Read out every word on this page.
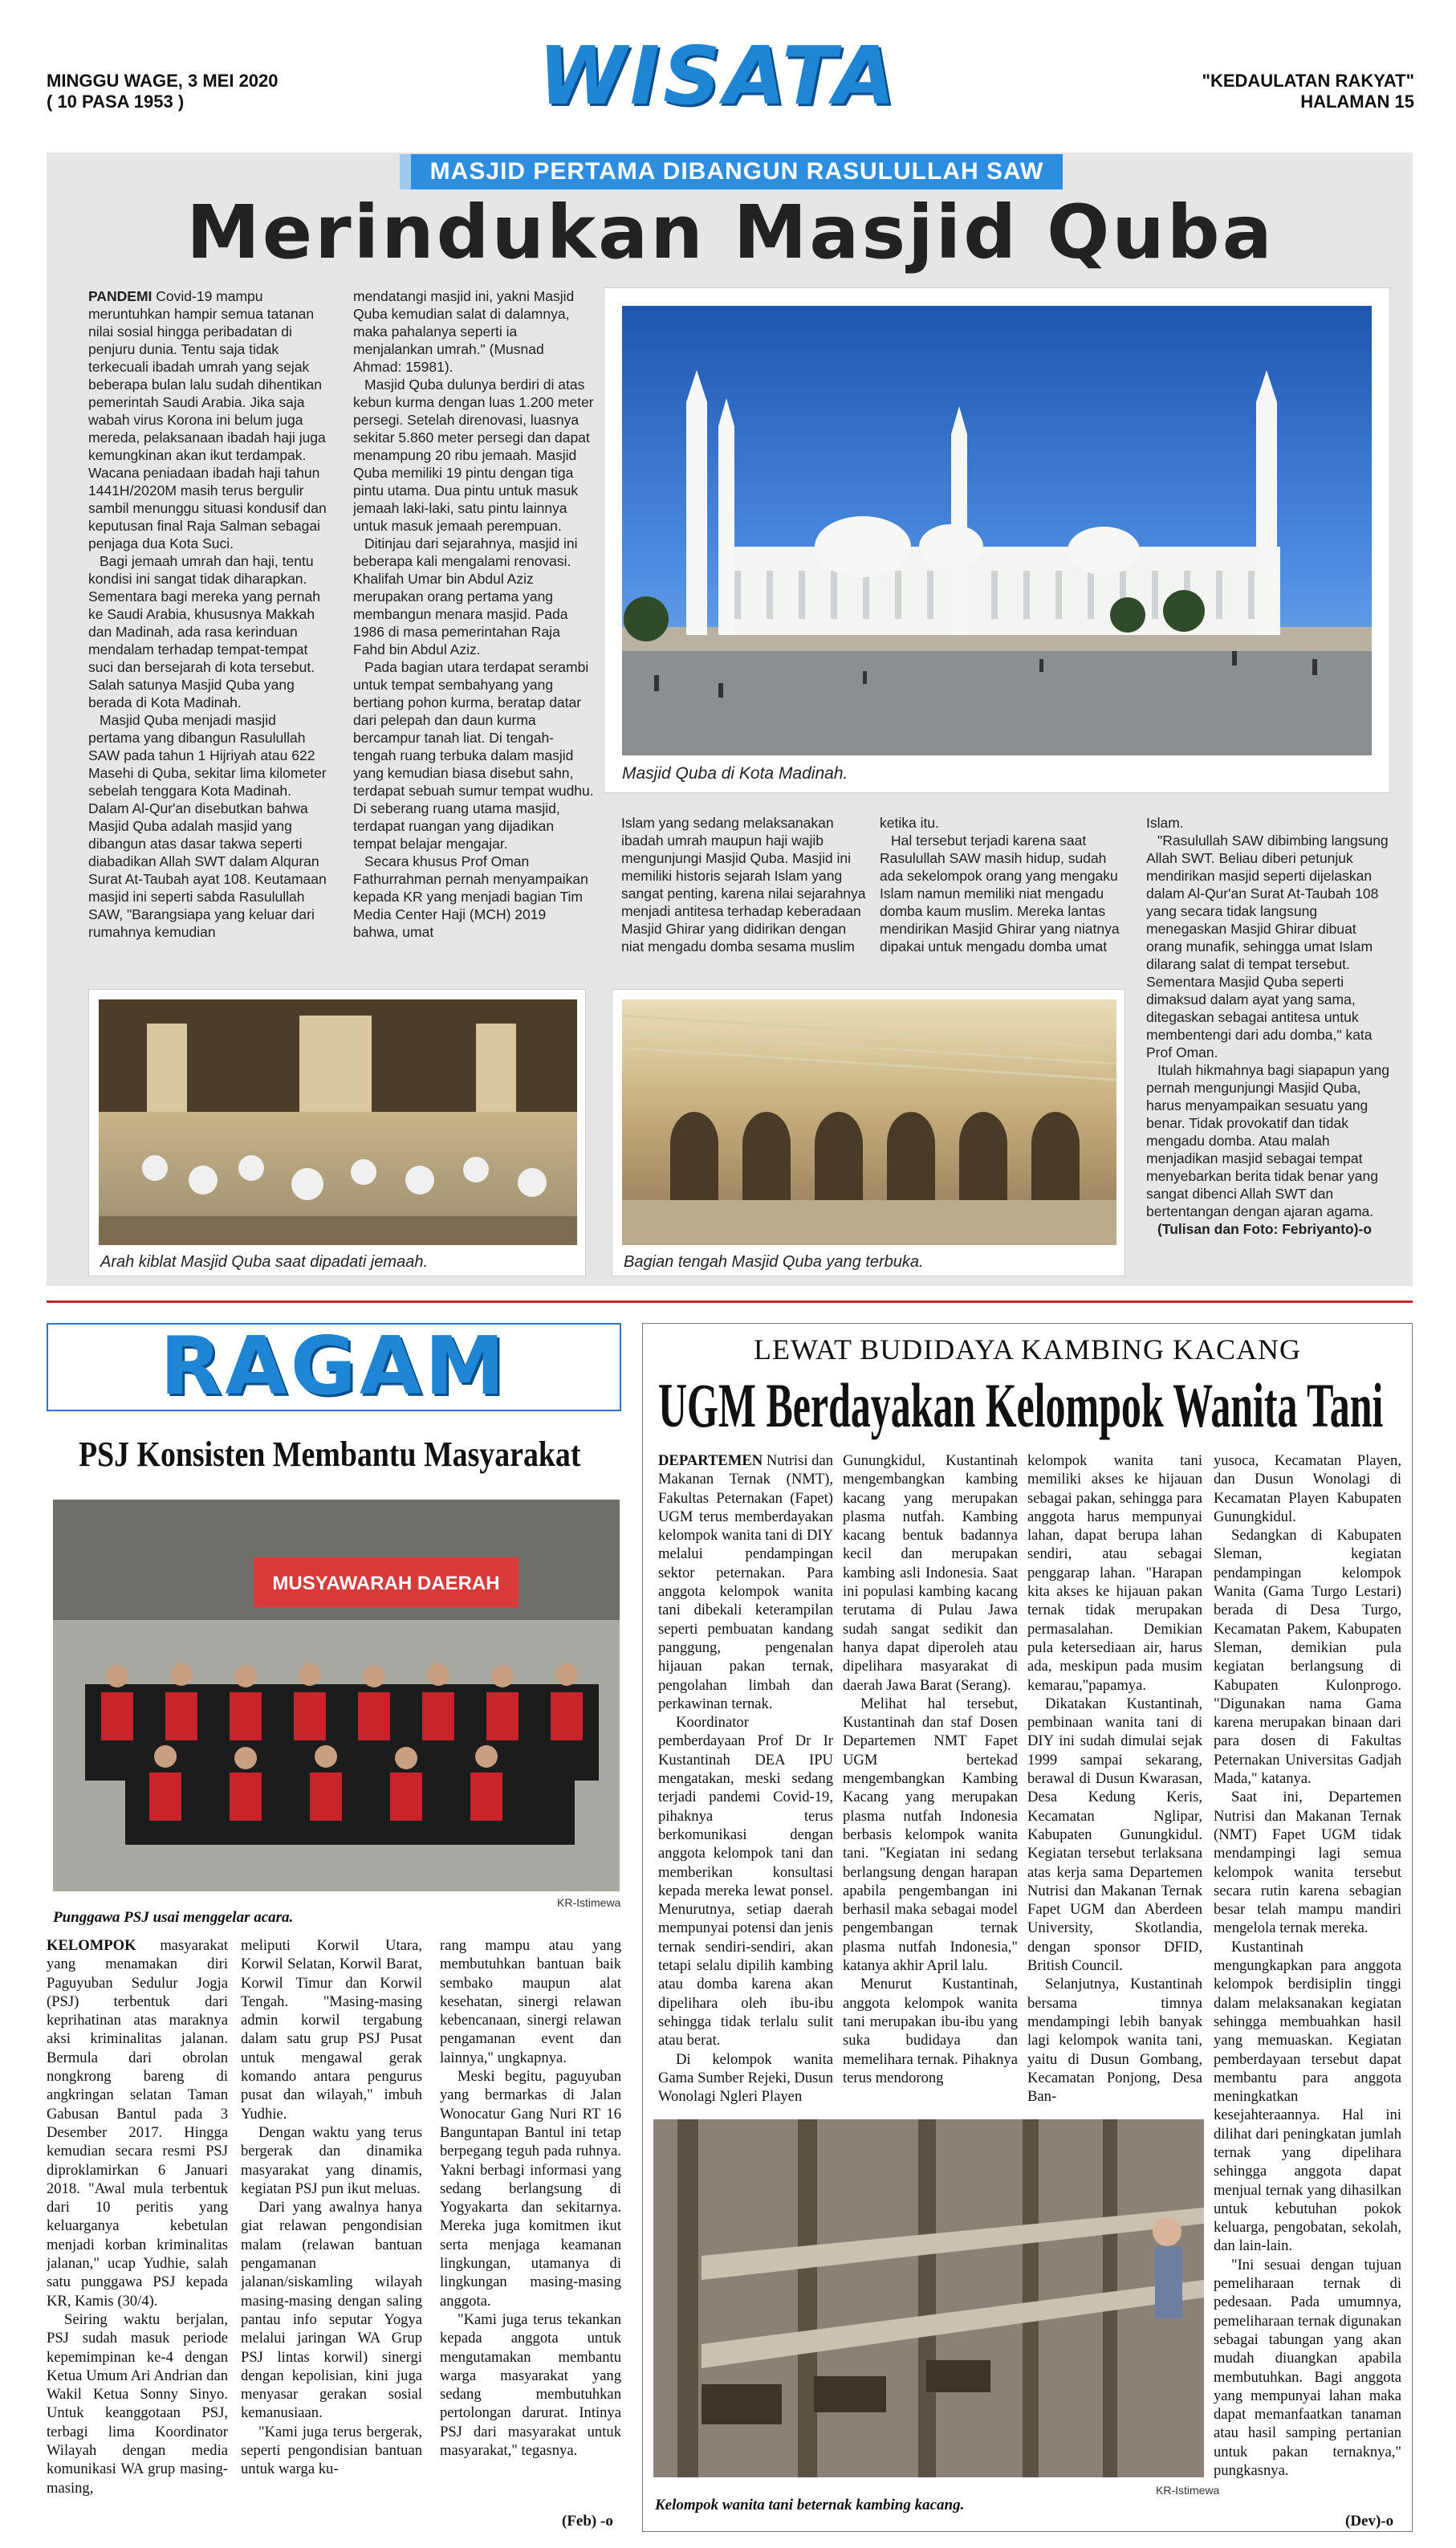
MINGGU WAGE, 3 MEI 2020
( 10 PASA 1953 )	WISATA	"KEDAULATAN RAKYAT"
HALAMAN 15
MASJID PERTAMA DIBANGUN RASULULLAH SAW
Merindukan Masjid Quba

PANDEMI Covid-19 mampu meruntuhkan hampir semua tatanan nilai sosial hingga peribadatan di penjuru dunia. Tentu saja tidak terkecuali ibadah umrah yang sejak beberapa bulan lalu sudah dihentikan pemerintah Saudi Arabia. Jika saja wabah virus Korona ini belum juga mereda, pelaksanaan ibadah haji juga kemungkinan akan ikut terdampak. Wacana peniadaan ibadah haji tahun 1441H/2020M masih terus bergulir sambil menunggu situasi kondusif dan keputusan final Raja Salman sebagai penjaga dua Kota Suci.

Bagi jemaah umrah dan haji, tentu kondisi ini sangat tidak diharapkan. Sementara bagi mereka yang pernah ke Saudi Arabia, khususnya Makkah dan Madinah, ada rasa kerinduan mendalam terhadap tempat-tempat suci dan bersejarah di kota tersebut. Salah satunya Masjid Quba yang berada di Kota Madinah.

Masjid Quba menjadi masjid pertama yang dibangun Rasulullah SAW pada tahun 1 Hijriyah atau 622 Masehi di Quba, sekitar lima kilometer sebelah tenggara Kota Madinah. Dalam Al-Qur'an disebutkan bahwa Masjid Quba adalah masjid yang dibangun atas dasar takwa seperti diabadikan Allah SWT dalam Alquran Surat At-Taubah ayat 108. Keutamaan masjid ini seperti sabda Rasulullah SAW, "Barangsiapa yang keluar dari rumahnya kemudian

mendatangi masjid ini, yakni Masjid Quba kemudian salat di dalamnya, maka pahalanya seperti ia menjalankan umrah." (Musnad Ahmad: 15981).

Masjid Quba dulunya berdiri di atas kebun kurma dengan luas 1.200 meter persegi. Setelah direnovasi, luasnya sekitar 5.860 meter persegi dan dapat menampung 20 ribu jemaah. Masjid Quba memiliki 19 pintu dengan tiga pintu utama. Dua pintu untuk masuk jemaah laki-laki, satu pintu lainnya untuk masuk jemaah perempuan.

Ditinjau dari sejarahnya, masjid ini beberapa kali mengalami renovasi. Khalifah Umar bin Abdul Aziz merupakan orang pertama yang membangun menara masjid. Pada 1986 di masa pemerintahan Raja Fahd bin Abdul Aziz.

Pada bagian utara terdapat serambi untuk tempat sembahyang yang bertiang pohon kurma, beratap datar dari pelepah dan daun kurma bercampur tanah liat. Di tengah-tengah ruang terbuka dalam masjid yang kemudian biasa disebut sahn, terdapat sebuah sumur tempat wudhu. Di seberang ruang utama masjid, terdapat ruangan yang dijadikan tempat belajar mengajar.

Secara khusus Prof Oman Fathurrahman pernah menyampaikan kepada KR yang menjadi bagian Tim Media Center Haji (MCH) 2019 bahwa, umat

Masjid Quba di Kota Madinah.

Islam yang sedang melaksanakan ibadah umrah maupun haji wajib mengunjungi Masjid Quba. Masjid ini memiliki historis sejarah Islam yang sangat penting, karena nilai sejarahnya menjadi antitesa terhadap keberadaan Masjid Ghirar yang didirikan dengan niat mengadu domba sesama muslim

ketika itu.

Hal tersebut terjadi karena saat Rasulullah SAW masih hidup, sudah ada sekelompok orang yang mengaku Islam namun memiliki niat mengadu domba kaum muslim. Mereka lantas mendirikan Masjid Ghirar yang niatnya dipakai untuk mengadu domba umat

Islam.

"Rasulullah SAW dibimbing langsung Allah SWT. Beliau diberi petunjuk mendirikan masjid seperti dijelaskan dalam Al-Qur'an Surat At-Taubah 108 yang secara tidak langsung menegaskan Masjid Ghirar dibuat orang munafik, sehingga umat Islam dilarang salat di tempat tersebut. Sementara Masjid Quba seperti dimaksud dalam ayat yang sama, ditegaskan sebagai antitesa untuk membentengi dari adu domba," kata Prof Oman.

Itulah hikmahnya bagi siapapun yang pernah mengunjungi Masjid Quba, harus menyampaikan sesuatu yang benar. Tidak provokatif dan tidak mengadu domba. Atau malah menjadikan masjid sebagai tempat menyebarkan berita tidak benar yang sangat dibenci Allah SWT dan bertentangan dengan ajaran agama.

(Tulisan dan Foto: Febriyanto)-o

Arah kiblat Masjid Quba saat dipadati jemaah.	Bagian tengah Masjid Quba yang terbuka.
RAGAM
PSJ Konsisten Membantu Masyarakat
MUSYAWARAH DAERAH
KR-Istimewa
Punggawa PSJ usai menggelar acara.

KELOMPOK masyarakat yang menamakan diri Paguyuban Sedulur Jogja (PSJ) terbentuk dari keprihatinan atas maraknya aksi kriminalitas jalanan. Bermula dari obrolan nongkrong bareng di angkringan selatan Taman Gabusan Bantul pada 3 Desember 2017. Hingga kemudian secara resmi PSJ diproklamirkan 6 Januari 2018. "Awal mula terbentuk dari 10 peritis yang keluarganya kebetulan menjadi korban kriminalitas jalanan," ucap Yudhie, salah satu punggawa PSJ kepada KR, Kamis (30/4).

Seiring waktu berjalan, PSJ sudah masuk periode kepemimpinan ke-4 dengan Ketua Umum Ari Andrian dan Wakil Ketua Sonny Sinyo. Untuk keanggotaan PSJ, terbagi lima Koordinator Wilayah dengan media komunikasi WA grup masing-masing,

meliputi Korwil Utara, Korwil Selatan, Korwil Barat, Korwil Timur dan Korwil Tengah. "Masing-masing admin korwil tergabung dalam satu grup PSJ Pusat untuk mengawal gerak komando antara pengurus pusat dan wilayah," imbuh Yudhie.

Dengan waktu yang terus bergerak dan dinamika masyarakat yang dinamis, kegiatan PSJ pun ikut meluas.

Dari yang awalnya hanya giat relawan pengondisian malam (relawan bantuan pengamanan jalanan/siskamling wilayah masing-masing dengan saling pantau info seputar Yogya melalui jaringan WA Grup PSJ lintas korwil) sinergi dengan kepolisian, kini juga menyasar gerakan sosial kemanusiaan.

"Kami juga terus bergerak, seperti pengondisian bantuan untuk warga ku-

rang mampu atau yang membutuhkan bantuan baik sembako maupun alat kesehatan, sinergi relawan kebencanaan, sinergi relawan pengamanan event dan lainnya," ungkapnya.

Meski begitu, paguyuban yang bermarkas di Jalan Wonocatur Gang Nuri RT 16 Banguntapan Bantul ini tetap berpegang teguh pada ruhnya. Yakni berbagi informasi yang sedang berlangsung di Yogyakarta dan sekitarnya. Mereka juga komitmen ikut serta menjaga keamanan lingkungan, utamanya di lingkungan masing-masing anggota.

"Kami juga terus tekankan kepada anggota untuk mengutamakan membantu warga masyarakat yang sedang membutuhkan pertolongan darurat. Intinya PSJ dari masyarakat untuk masyarakat," tegasnya.

(Feb) -o
LEWAT BUDIDAYA KAMBING KACANG
UGM Berdayakan Kelompok Wanita Tani

DEPARTEMEN Nutrisi dan Makanan Ternak (NMT), Fakultas Peternakan (Fapet) UGM terus memberdayakan kelompok wanita tani di DIY melalui pendampingan sektor peternakan. Para anggota kelompok wanita tani dibekali keterampilan seperti pembuatan kandang panggung, pengenalan hijauan pakan ternak, pengolahan limbah dan perkawinan ternak.

Koordinator pemberdayaan Prof Dr Ir Kustantinah DEA IPU mengatakan, meski sedang terjadi pandemi Covid-19, pihaknya terus berkomunikasi dengan anggota kelompok tani dan memberikan konsultasi kepada mereka lewat ponsel. Menurutnya, setiap daerah mempunyai potensi dan jenis ternak sendiri-sendiri, akan tetapi selalu dipilih kambing atau domba karena akan dipelihara oleh ibu-ibu sehingga tidak terlalu sulit atau berat.

Di kelompok wanita Gama Sumber Rejeki, Dusun Wonolagi Ngleri Playen

Gunungkidul, Kustantinah mengembangkan kambing kacang yang merupakan plasma nutfah. Kambing kacang bentuk badannya kecil dan merupakan kambing asli Indonesia. Saat ini populasi kambing kacang terutama di Pulau Jawa sudah sangat sedikit dan hanya dapat diperoleh atau dipelihara masyarakat di daerah Jawa Barat (Serang).

Melihat hal tersebut, Kustantinah dan staf Dosen Departemen NMT Fapet UGM bertekad mengembangkan Kambing Kacang yang merupakan plasma nutfah Indonesia berbasis kelompok wanita tani. "Kegiatan ini sedang berlangsung dengan harapan apabila pengembangan ini berhasil maka sebagai model pengembangan ternak plasma nutfah Indonesia," katanya akhir April lalu.

Menurut Kustantinah, anggota kelompok wanita tani merupakan ibu-ibu yang suka budidaya dan memelihara ternak. Pihaknya terus mendorong

kelompok wanita tani memiliki akses ke hijauan sebagai pakan, sehingga para anggota harus mempunyai lahan, dapat berupa lahan sendiri, atau sebagai penggarap lahan. "Harapan kita akses ke hijauan pakan ternak tidak merupakan permasalahan. Demikian pula ketersediaan air, harus ada, meskipun pada musim kemarau,"papamya.

Dikatakan Kustantinah, pembinaan wanita tani di DIY ini sudah dimulai sejak 1999 sampai sekarang, berawal di Dusun Kwarasan, Desa Kedung Keris, Kecamatan Nglipar, Kabupaten Gunungkidul. Kegiatan tersebut terlaksana atas kerja sama Departemen Nutrisi dan Makanan Ternak Fapet UGM dan Aberdeen University, Skotlandia, dengan sponsor DFID, British Council.

Selanjutnya, Kustantinah bersama timnya mendampingi lebih banyak lagi kelompok wanita tani, yaitu di Dusun Gombang, Kecamatan Ponjong, Desa Ban-

yusoca, Kecamatan Playen, dan Dusun Wonolagi di Kecamatan Playen Kabupaten Gunungkidul.

Sedangkan di Kabupaten Sleman, kegiatan pendampingan kelompok Wanita (Gama Turgo Lestari) berada di Desa Turgo, Kecamatan Pakem, Kabupaten Sleman, demikian pula kegiatan berlangsung di Kabupaten Kulonprogo. "Digunakan nama Gama karena merupakan binaan dari para dosen di Fakultas Peternakan Universitas Gadjah Mada," katanya.

Saat ini, Departemen Nutrisi dan Makanan Ternak (NMT) Fapet UGM tidak mendampingi lagi semua kelompok wanita tersebut secara rutin karena sebagian besar telah mampu mandiri mengelola ternak mereka.

Kustantinah mengungkapkan para anggota kelompok berdisiplin tinggi dalam melaksanakan kegiatan sehingga membuahkan hasil yang memuaskan. Kegiatan pemberdayaan tersebut dapat membantu para anggota meningkatkan kesejahteraannya. Hal ini dilihat dari peningkatan jumlah ternak yang dipelihara sehingga anggota dapat menjual ternak yang dihasilkan untuk kebutuhan pokok keluarga, pengobatan, sekolah, dan lain-lain.

"Ini sesuai dengan tujuan pemeliharaan ternak di pedesaan. Pada umumnya, pemeliharaan ternak digunakan sebagai tabungan yang akan mudah diuangkan apabila membutuhkan. Bagi anggota yang mempunyai lahan maka dapat memanfaatkan tanaman atau hasil samping pertanian untuk pakan ternaknya," pungkasnya.

(Dev)-o
KR-Istimewa
Kelompok wanita tani beternak kambing kacang.
